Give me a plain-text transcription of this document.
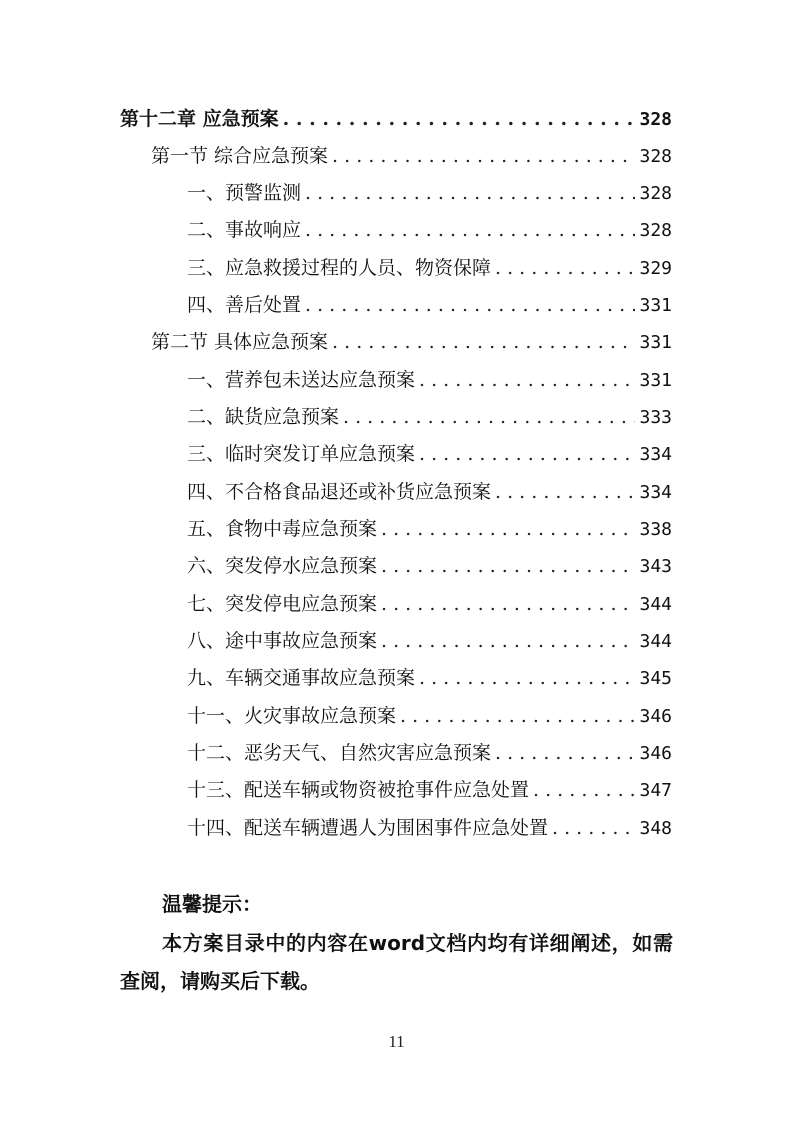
第十二章 应急预案 . . .	328
第一节 综合应急预案 . . .	328
一、预警监测 . . .	328
二、事故响应 . . .	328
三、应急救援过程的人员、物资保障 . . .	329
四、善后处置 . . .	331
第二节 具体应急预案 . . .	331
一、营养包未送达应急预案 . . .	331
二、缺货应急预案 . . .	333
三、临时突发订单应急预案 . . .	334
四、不合格食品退还或补货应急预案 . . .	334
五、食物中毒应急预案 . . .	338
六、突发停水应急预案 . . .	343
七、突发停电应急预案 . . .	344
八、途中事故应急预案 . . .	344
九、车辆交通事故应急预案 . . .	345
十一、火灾事故应急预案 . . .	346
十二、恶劣天气、自然灾害应急预案 . . .	346
十三、配送车辆或物资被抢事件应急处置 . . .	347
十四、配送车辆遭遇人为围困事件应急处置 . . .	348
温馨提示：
本方案目录中的内容在word文档内均有详细阐述，如需查阅，请购买后下载。
11
